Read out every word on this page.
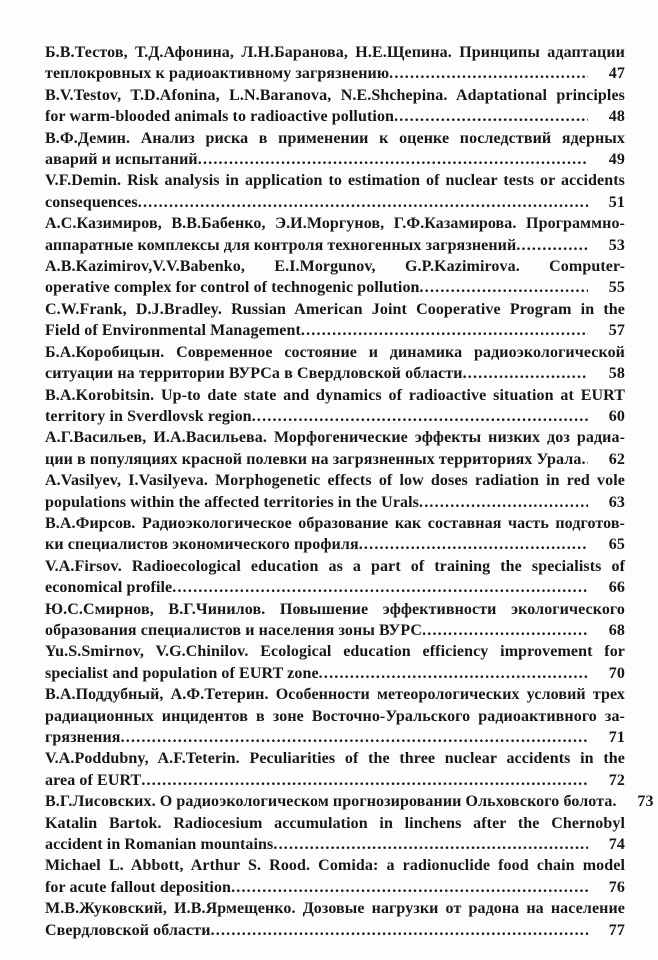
Б.В.Тестов, Т.Д.Афонина, Л.Н.Баранова, Н.Е.Щепина. Принципы адаптации
теплокровных к радиоактивному загрязнению .....	47
B.V.Testov, T.D.Afonina, L.N.Baranova, N.E.Shchepina. Adaptational principles
for warm-blooded animals to radioactive pollution .....	48
В.Ф.Демин. Анализ риска в применении к оценке последствий ядерных
аварий и испытаний .....	49
V.F.Demin. Risk analysis in application to estimation of nuclear tests or accidents
consequences .....	51
А.С.Казимиров, В.В.Бабенко, Э.И.Моргунов, Г.Ф.Казамирова. Программно-
аппаратные комплексы для контроля техногенных загрязнений .....	53
A.B.Kazimirov,V.V.Babenko, E.I.Morgunov, G.P.Kazimirova. Computer-
operative complex for control of technogenic pollution .....	55
C.W.Frank, D.J.Bradley. Russian American Joint Cooperative Program in the
Field of Environmental Management .....	57
Б.А.Коробицын. Современное состояние и динамика радиоэкологической
ситуации на территории ВУРСа в Свердловской области .....	58
B.A.Korobitsin. Up-to date state and dynamics of radioactive situation at EURT
territory in Sverdlovsk region .....	60
А.Г.Васильев, И.А.Васильева. Морфогенические эффекты низких доз радиа-
ции в популяциях красной полевки на загрязненных территориях Урала .....	62
A.Vasilyev, I.Vasilyeva. Morphogenetic effects of low doses radiation in red vole
populations within the affected territories in the Urals .....	63
В.А.Фирсов. Радиоэкологическое образование как составная часть подготов-
ки специалистов экономического профиля .....	65
V.A.Firsov. Radioecological education as a part of training the specialists of
economical profile .....	66
Ю.С.Смирнов, В.Г.Чинилов. Повышение эффективности экологического
образования специалистов и населения зоны ВУРС .....	68
Yu.S.Smirnov, V.G.Chinilov. Ecological education efficiency improvement for
specialist and population of EURT zone .....	70
В.А.Поддубный, А.Ф.Тетерин. Особенности метеорологических условий трех
радиационных инцидентов в зоне Восточно-Уральского радиоактивного за-
грязнения .....	71
V.A.Poddubny, A.F.Teterin. Peculiarities of the three nuclear accidents in the
area of EURT .....	72
В.Г.Лисовских. О радиоэкологическом прогнозировании Ольховского болота.	73
Katalin Bartok. Radiocesium accumulation in linchens after the Chernobyl
accident in Romanian mountains .....	74
Michael L. Abbott, Arthur S. Rood. Comida: a radionuclide food chain model
for acute fallout deposition .....	76
М.В.Жуковский, И.В.Ярмещенко. Дозовые нагрузки от радона на население
Свердловской области .....	77
